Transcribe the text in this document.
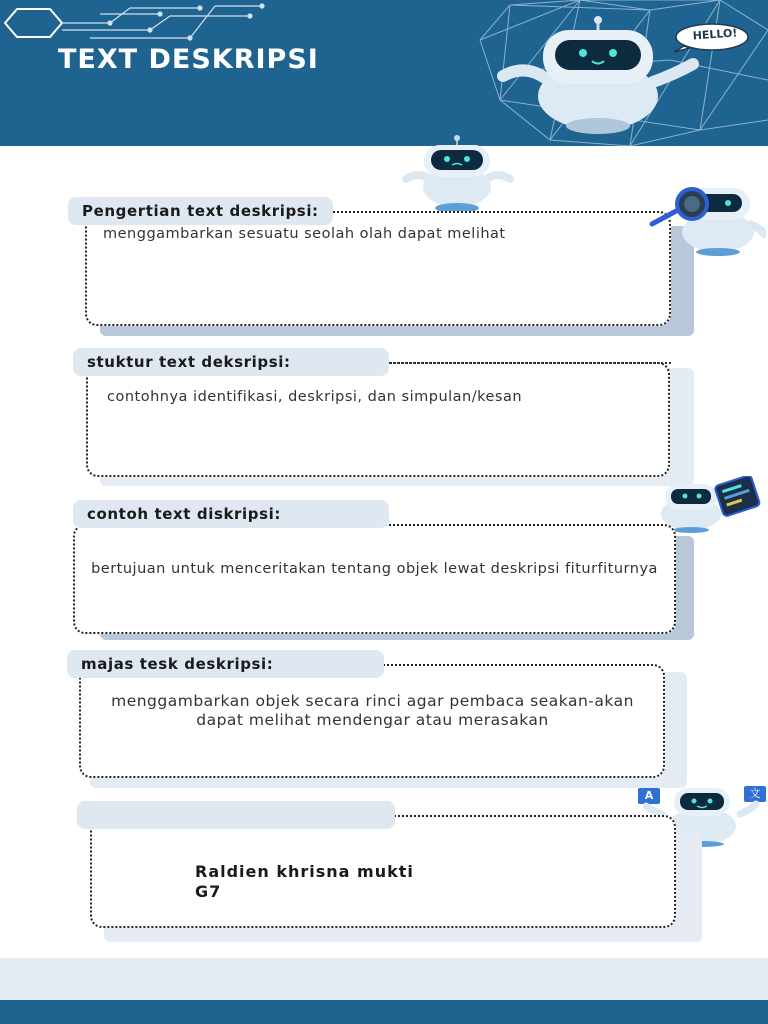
TEXT DESKRIPSI
HELLO!
Pengertian text deskripsi:
menggambarkan sesuatu seolah olah dapat melihat
stuktur text deksripsi:
contohnya identifikasi, deskripsi, dan simpulan/kesan
contoh text diskripsi:
bertujuan untuk menceritakan tentang objek lewat deskripsi fiturfiturnya
majas tesk deskripsi:
menggambarkan objek secara rinci agar pembaca seakan-akan dapat melihat mendengar atau merasakan
A	文
Raldien khrisna mukti
G7
